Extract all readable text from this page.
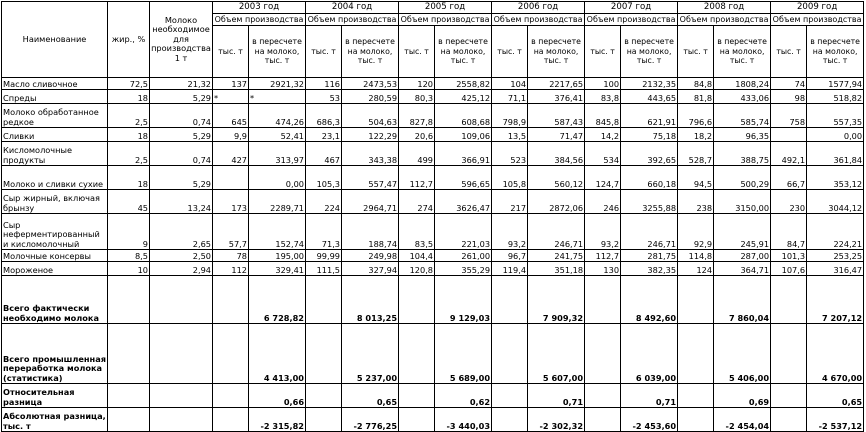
Наименование	жир., %	Молоко необходимое для производства 1 т	2003 год		2004 год		2005 год		2006 год		2007 год		2008 год		2009 год	
			Объем производства		Объем производства		Объем производства		Объем производства		Объем производства		Объем производства		Объем производства	
			тыс. т	в пересчете на молоко, тыс. т	тыс. т	в пересчете на молоко, тыс. т	тыс. т	в пересчете на молоко, тыс. т	тыс. т	в пересчете на молоко, тыс. т	тыс. т	в пересчете на молоко, тыс. т	тыс. т	в пересчете на молоко, тыс. т	тыс. т	в пересчете на молоко, тыс. т
Масло сливочное	72,5	21,32	137	2921,32	116	2473,53	120	2558,82	104	2217,65	100	2132,35	84,8	1808,24	74	1577,94
Спреды	18	5,29	*	*	53	280,59	80,3	425,12	71,1	376,41	83,8	443,65	81,8	433,06	98	518,82
Молоко обработанное редкое	2,5	0,74	645	474,26	686,3	504,63	827,8	608,68	798,9	587,43	845,8	621,91	796,6	585,74	758	557,35
Сливки	18	5,29	9,9	52,41	23,1	122,29	20,6	109,06	13,5	71,47	14,2	75,18	18,2	96,35		0,00
Кисломолочные продукты	2,5	0,74	427	313,97	467	343,38	499	366,91	523	384,56	534	392,65	528,7	388,75	492,1	361,84
Молоко и сливки сухие	18	5,29		0,00	105,3	557,47	112,7	596,65	105,8	560,12	124,7	660,18	94,5	500,29	66,7	353,12
Сыр жирный, включая брынзу	45	13,24	173	2289,71	224	2964,71	274	3626,47	217	2872,06	246	3255,88	238	3150,00	230	3044,12
Сыр неферментированный и кисломолочный	9	2,65	57,7	152,74	71,3	188,74	83,5	221,03	93,2	246,71	93,2	246,71	92,9	245,91	84,7	224,21
Молочные консервы	8,5	2,50	78	195,00	99,99	249,98	104,4	261,00	96,7	241,75	112,7	281,75	114,8	287,00	101,3	253,25
Мороженое	10	2,94	112	329,41	111,5	327,94	120,8	355,29	119,4	351,18	130	382,35	124	364,71	107,6	316,47
Всего фактически необходимо молока				6 728,82		8 013,25		9 129,03		7 909,32		8 492,60		7 860,04		7 207,12
Всего промышленная переработка молока (статистика)				4 413,00		5 237,00		5 689,00		5 607,00		6 039,00		5 406,00		4 670,00
Относительная разница				0,66		0,65		0,62		0,71		0,71		0,69		0,65
Абсолютная разница, тыс. т				-2 315,82		-2 776,25		-3 440,03		-2 302,32		-2 453,60		-2 454,04		-2 537,12
